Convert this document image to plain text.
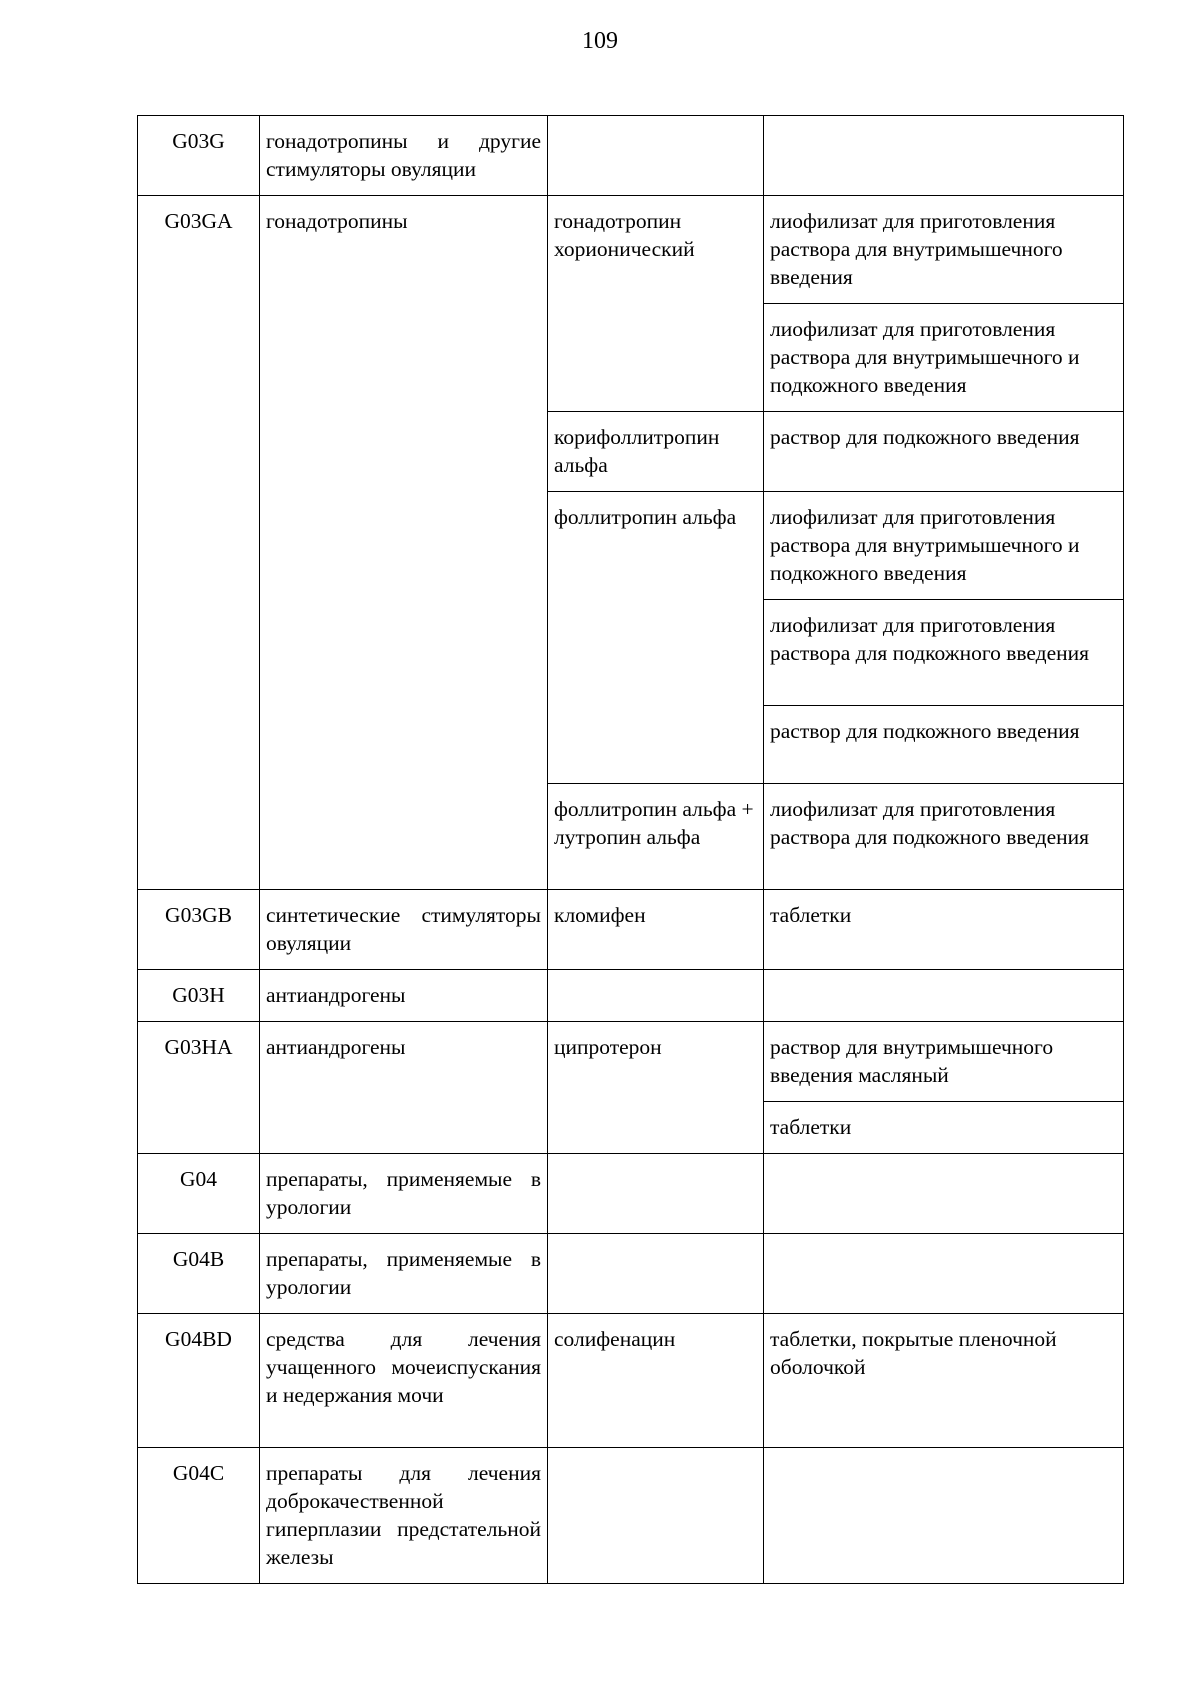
109
G03G	гонадотропины и другие стимуляторы овуляции		
G03GA	гонадотропины	гонадотропин хорионический	лиофилизат для приготовления раствора для внутримышечного введения
			лиофилизат для приготовления раствора для внутримышечного и подкожного введения
		корифоллитропин альфа	раствор для подкожного введения
		фоллитропин альфа	лиофилизат для приготовления раствора для внутримышечного и подкожного введения
			лиофилизат для приготовления раствора для подкожного введения
			раствор для подкожного введения
		фоллитропин альфа + лутропин альфа	лиофилизат для приготовления раствора для подкожного введения
G03GB	синтетические стимуляторы овуляции	кломифен	таблетки
G03H	антиандрогены		
G03HA	антиандрогены	ципротерон	раствор для внутримышечного введения масляный
			таблетки
G04	препараты, применяемые в урологии		
G04B	препараты, применяемые в урологии		
G04BD	средства для лечения учащенного мочеиспускания и недержания мочи	солифенацин	таблетки, покрытые пленочной оболочкой
G04C	препараты для лечения доброкачественной гиперплазии предстательной железы		
